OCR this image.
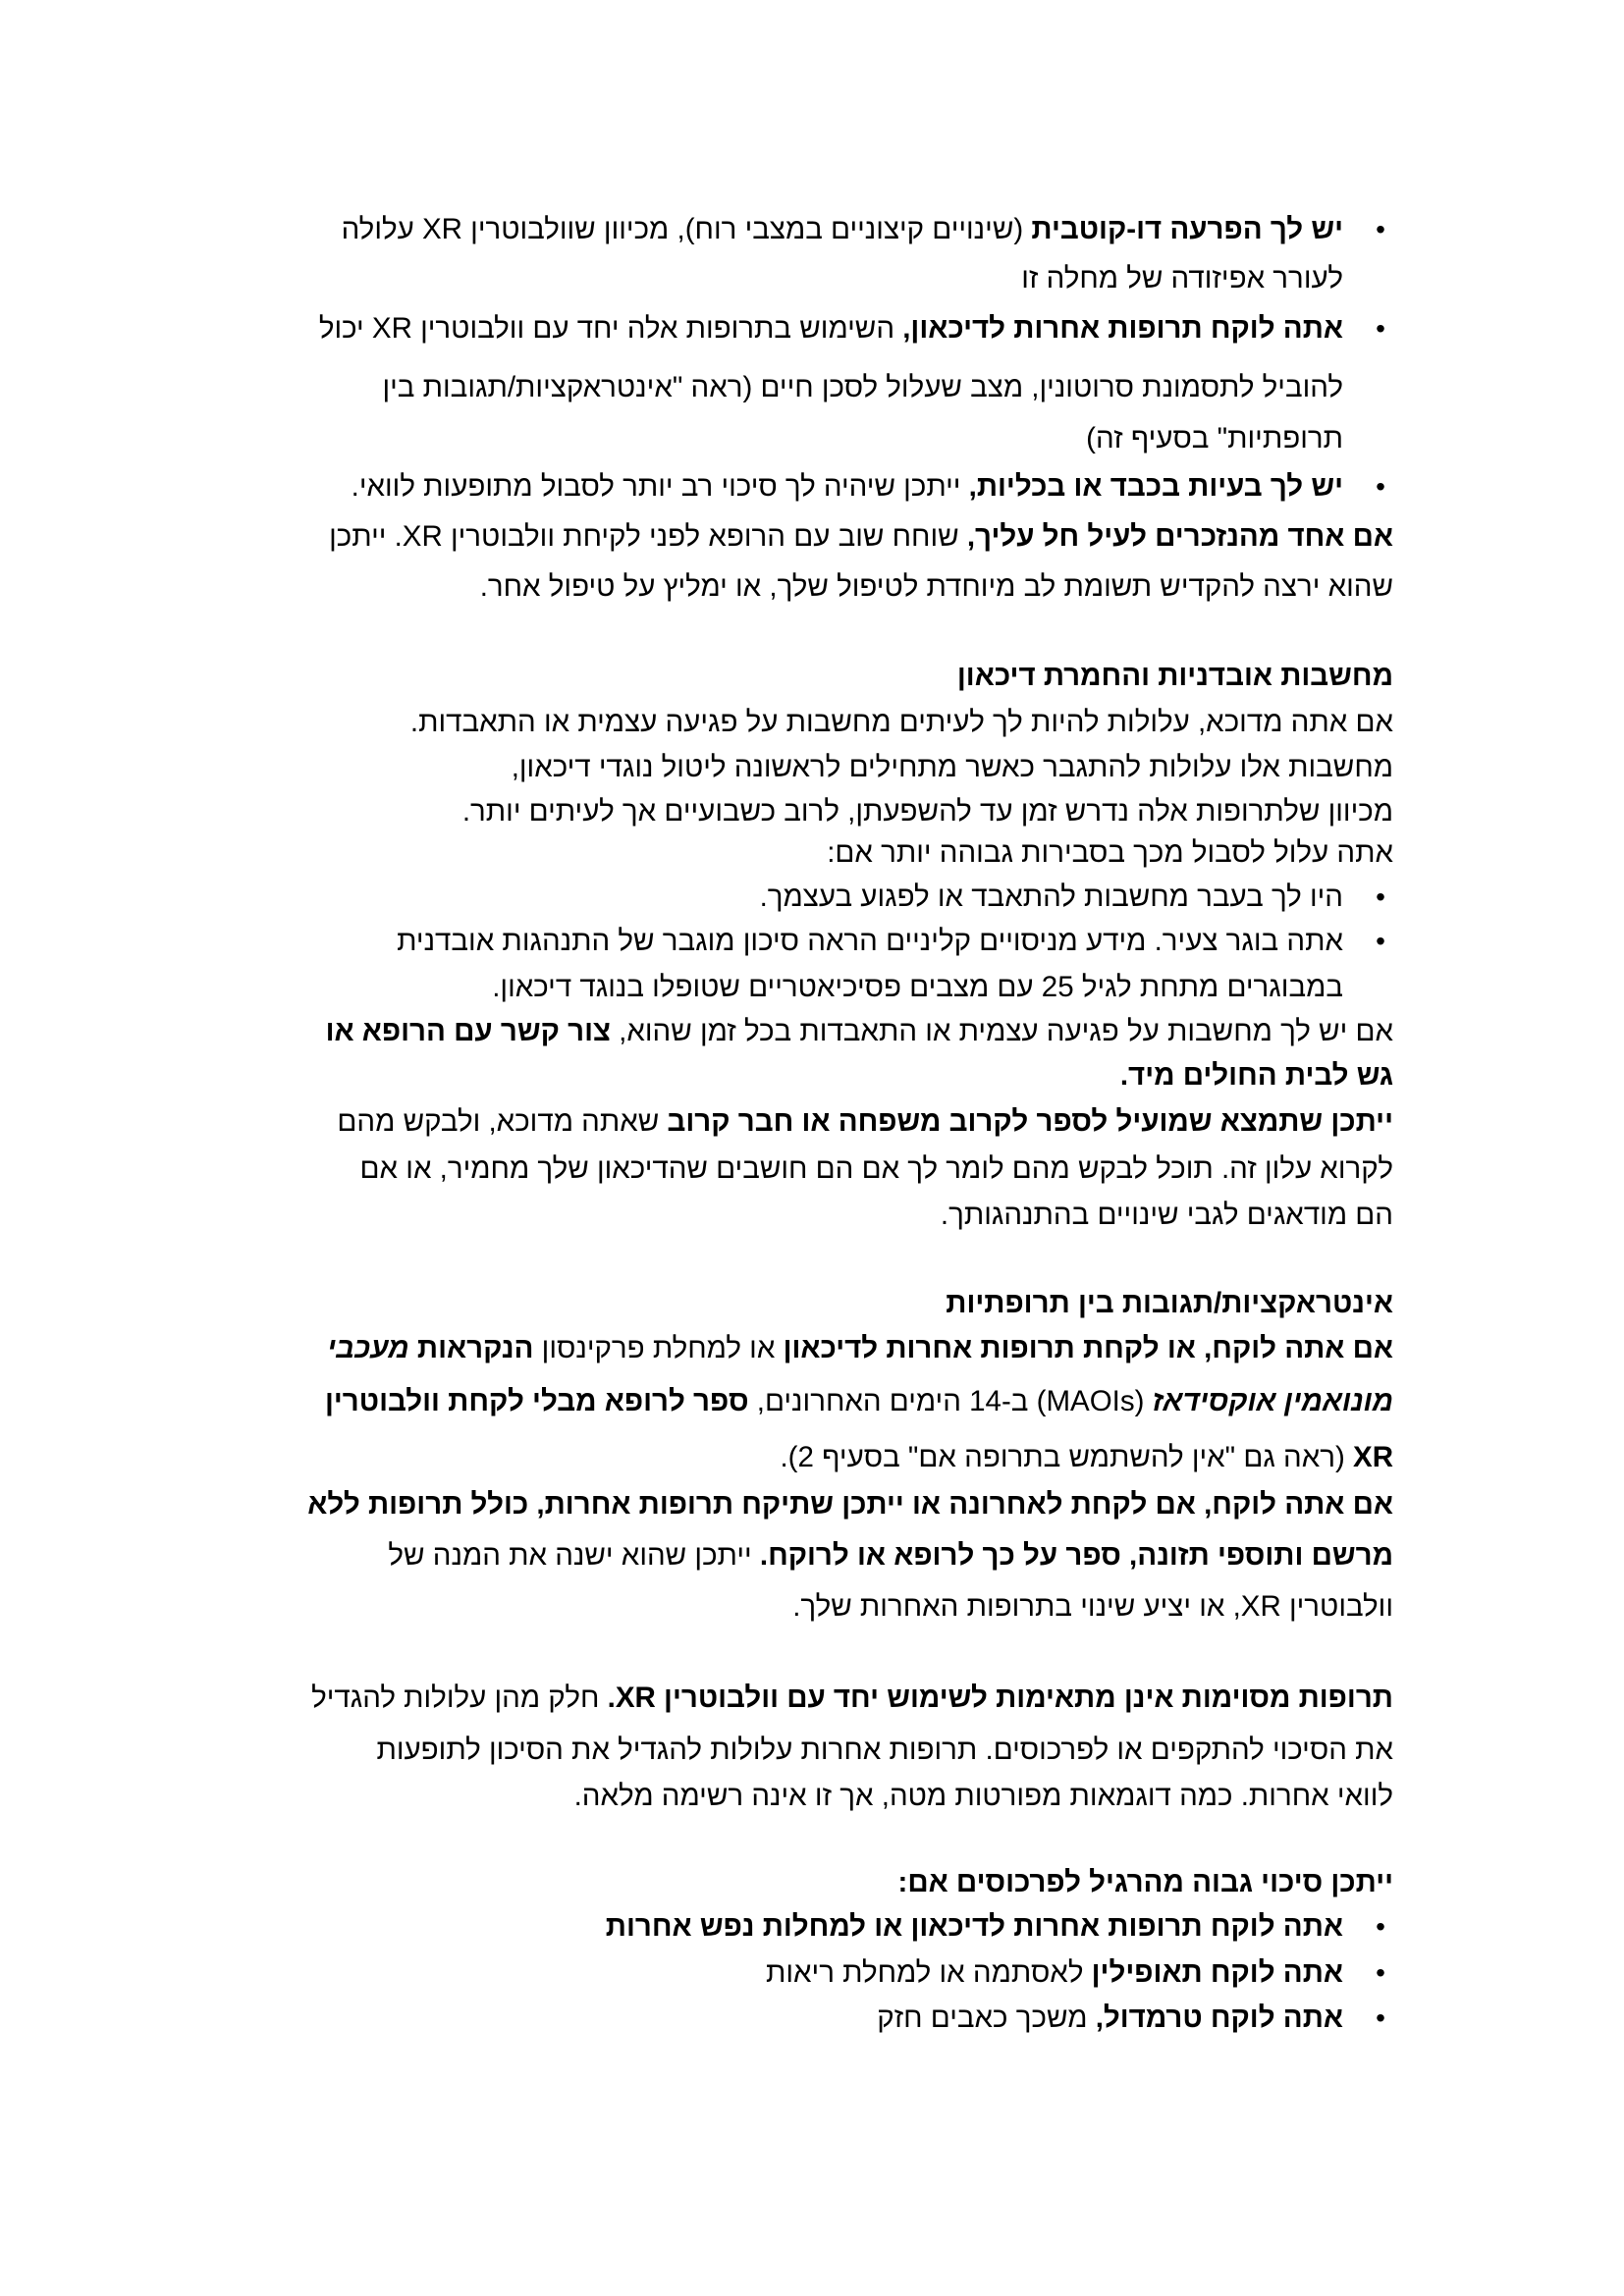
•
יש לך הפרעה דו-קוטבית (שינויים קיצוניים במצבי רוח), מכיוון שוולבוטרין XR עלולה
לעורר אפיזודה של מחלה זו
•
אתה לוקח תרופות אחרות לדיכאון, השימוש בתרופות אלה יחד עם וולבוטרין XR יכול
להוביל לתסמונת סרוטונין, מצב שעלול לסכן חיים (ראה "אינטראקציות/תגובות בין
תרופתיות" בסעיף זה)
•
יש לך בעיות בכבד או בכליות, ייתכן שיהיה לך סיכוי רב יותר לסבול מתופעות לוואי.
אם אחד מהנזכרים לעיל חל עליך, שוחח שוב עם הרופא לפני לקיחת וולבוטרין XR. ייתכן
שהוא ירצה להקדיש תשומת לב מיוחדת לטיפול שלך, או ימליץ על טיפול אחר.
מחשבות אובדניות והחמרת דיכאון
אם אתה מדוכא, עלולות להיות לך לעיתים מחשבות על פגיעה עצמית או התאבדות.
מחשבות אלו עלולות להתגבר כאשר מתחילים לראשונה ליטול נוגדי דיכאון,
מכיוון שלתרופות אלה נדרש זמן עד להשפעתן, לרוב כשבועיים אך לעיתים יותר.
אתה עלול לסבול מכך בסבירות גבוהה יותר אם:
•
היו לך בעבר מחשבות להתאבד או לפגוע בעצמך.
•
אתה בוגר צעיר. מידע מניסויים קליניים הראה סיכון מוגבר של התנהגות אובדנית
במבוגרים מתחת לגיל 25 עם מצבים פסיכיאטריים שטופלו בנוגד דיכאון.
אם יש לך מחשבות על פגיעה עצמית או התאבדות בכל זמן שהוא, צור קשר עם הרופא או
גש לבית החולים מיד.
ייתכן שתמצא שמועיל לספר לקרוב משפחה או חבר קרוב שאתה מדוכא, ולבקש מהם
לקרוא עלון זה. תוכל לבקש מהם לומר לך אם הם חושבים שהדיכאון שלך מחמיר, או אם
הם מודאגים לגבי שינויים בהתנהגותך.
אינטראקציות/תגובות בין תרופתיות
אם אתה לוקח, או לקחת תרופות אחרות לדיכאון או למחלת פרקינסון הנקראות מעכבי
מונואמין אוקסידאז (MAOIs) ב-14 הימים האחרונים, ספר לרופא מבלי לקחת וולבוטרין
XR (ראה גם "אין להשתמש בתרופה אם" בסעיף 2).
אם אתה לוקח, אם לקחת לאחרונה או ייתכן שתיקח תרופות אחרות, כולל תרופות ללא
מרשם ותוספי תזונה, ספר על כך לרופא או לרוקח. ייתכן שהוא ישנה את המנה של
וולבוטרין XR, או יציע שינוי בתרופות האחרות שלך.
תרופות מסוימות אינן מתאימות לשימוש יחד עם וולבוטרין XR. חלק מהן עלולות להגדיל
את הסיכוי להתקפים או לפרכוסים. תרופות אחרות עלולות להגדיל את הסיכון לתופעות
לוואי אחרות. כמה דוגמאות מפורטות מטה, אך זו אינה רשימה מלאה.
ייתכן סיכוי גבוה מהרגיל לפרכוסים אם:
•
אתה לוקח תרופות אחרות לדיכאון או למחלות נפש אחרות
•
אתה לוקח תאופילין לאסתמה או למחלת ריאות
•
אתה לוקח טרמדול, משכך כאבים חזק
